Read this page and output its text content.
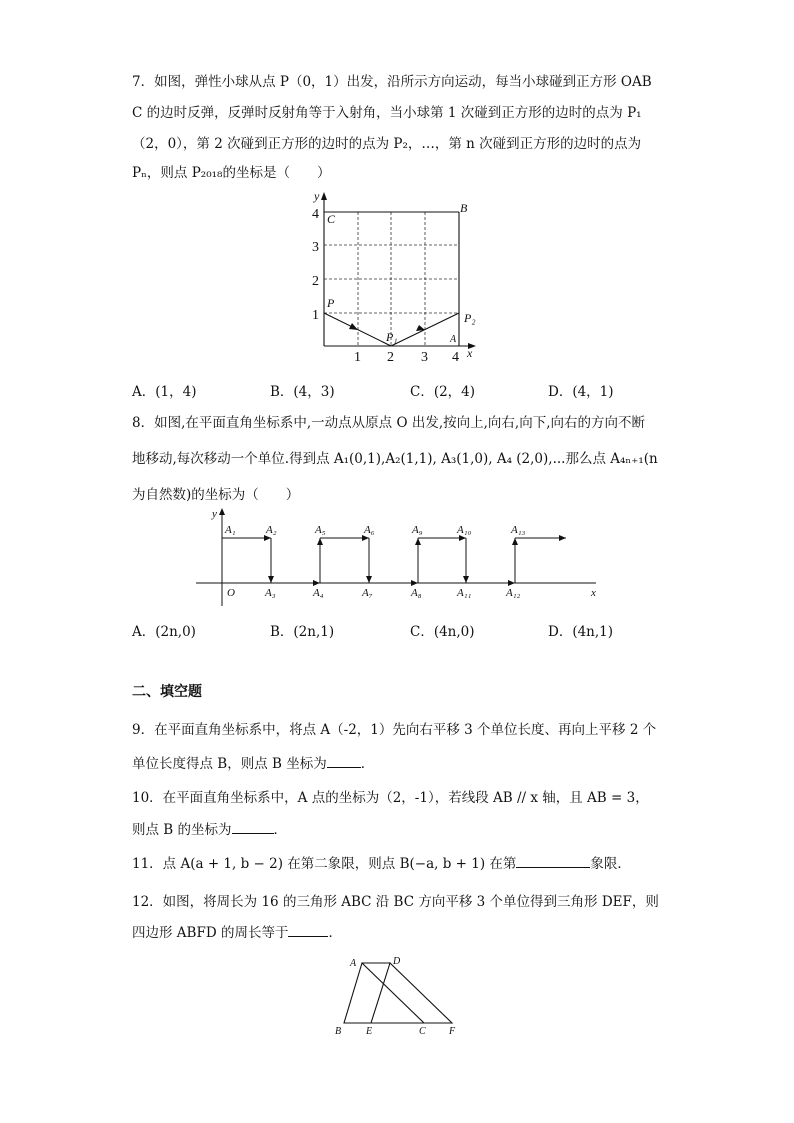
7．如图，弹性小球从点 P（0，1）出发，沿所示方向运动，每当小球碰到正方形 OAB
C 的边时反弹，反弹时反射角等于入射角，当小球第 1 次碰到正方形的边时的点为 P₁
（2，0），第 2 次碰到正方形的边时的点为 P₂，…，第 n 次碰到正方形的边时的点为
Pₙ，则点 P₂₀₁₈的坐标是（　　）
4
3
2
1
1 2 3 4
y
x
C
B
P
A
P₁
P₂
A．(1，4)	B．(4，3)	C．(2，4)	D．(4，1)
8．如图,在平面直角坐标系中,一动点从原点 O 出发,按向上,向右,向下,向右的方向不断
地移动,每次移动一个单位.得到点 A₁(0,1),A₂(1,1), A₃(1,0), A₄ (2,0),...那么点 A₄ₙ₊₁(n
为自然数)的坐标为（　　）
y
x
O
A₁	A₂	A₅	A₆	A₉	A₁₀	A₁₃
A₃	A₄	A₇	A₈	A₁₁	A₁₂
A．(2n,0)	B．(2n,1)	C．(4n,0)	D．(4n,1)
二、填空题
9．在平面直角坐标系中，将点 A（-2，1）先向右平移 3 个单位长度、再向上平移 2 个
单位长度得点 B，则点 B 坐标为	．
10．在平面直角坐标系中，A 点的坐标为（2，-1），若线段 AB // x 轴，且 AB = 3，
则点 B 的坐标为	．
11．点 A(a + 1, b − 2) 在第二象限，则点 B(−a, b + 1) 在第	象限．
12．如图，将周长为 16 的三角形 ABC 沿 BC 方向平移 3 个单位得到三角形 DEF，则
四边形 ABFD 的周长等于	．
A	D
B E	C F
